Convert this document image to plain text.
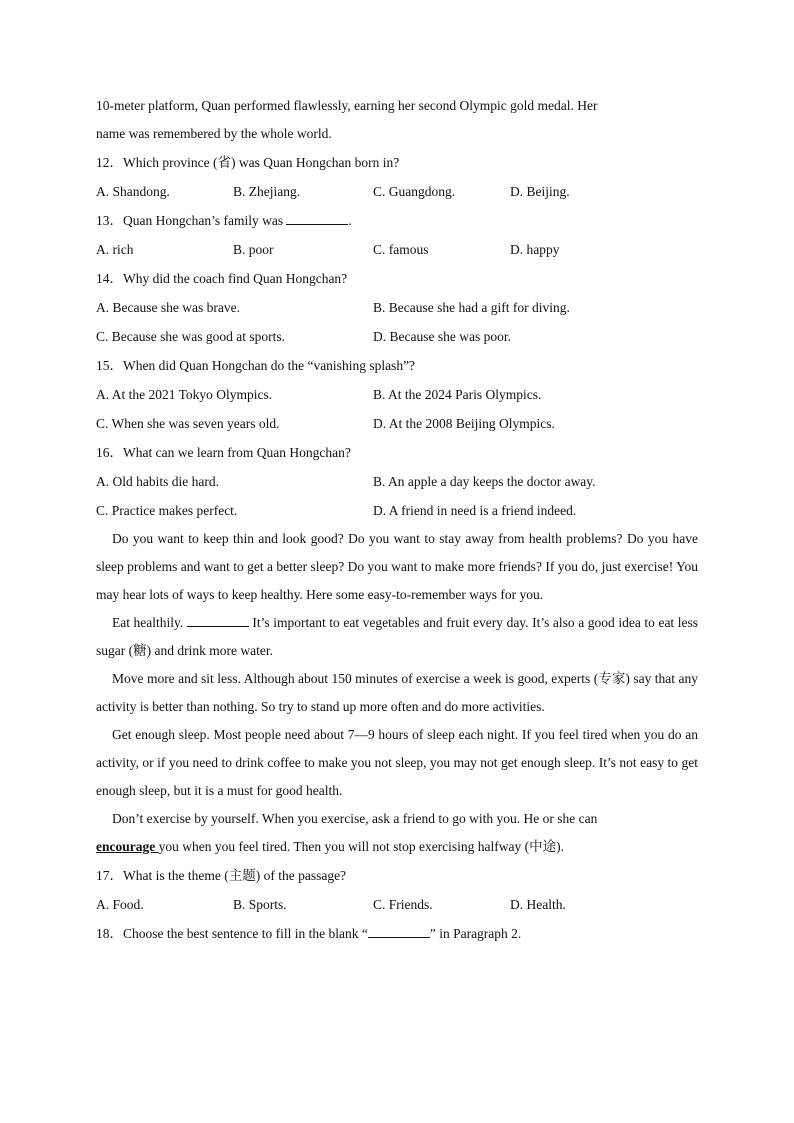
10-meter platform, Quan performed flawlessly, earning her second Olympic gold medal. Her
name was remembered by the whole world.
12．Which province (省) was Quan Hongchan born in?
A. Shandong.	B. Zhejiang.	C. Guangdong.	D. Beijing.
13．Quan Hongchan’s family was	.
A. rich	B. poor	C. famous	D. happy
14．Why did the coach find Quan Hongchan?
A. Because she was brave.	B. Because she had a gift for diving.
C. Because she was good at sports.	D. Because she was poor.
15．When did Quan Hongchan do the “vanishing splash”?
A. At the 2021 Tokyo Olympics.	B. At the 2024 Paris Olympics.
C. When she was seven years old.	D. At the 2008 Beijing Olympics.
16．What can we learn from Quan Hongchan?
A. Old habits die hard.	B. An apple a day keeps the doctor away.
C. Practice makes perfect.	D. A friend in need is a friend indeed.
Do you want to keep thin and look good? Do you want to stay away from health problems? Do you have sleep problems and want to get a better sleep? Do you want to make more friends? If you do, just exercise! You may hear lots of ways to keep healthy. Here some easy-to-remember ways for you.
Eat healthily.	It’s important to eat vegetables and fruit every day. It’s also a good idea to eat less sugar (糖) and drink more water.
Move more and sit less. Although about 150 minutes of exercise a week is good, experts (专家) say that any activity is better than nothing. So try to stand up more often and do more activities.
Get enough sleep. Most people need about 7—9 hours of sleep each night. If you feel tired when you do an activity, or if you need to drink coffee to make you not sleep, you may not get enough sleep. It’s not easy to get enough sleep, but it is a must for good health.
Don’t exercise by yourself. When you exercise, ask a friend to go with you. He or she can
encourage you when you feel tired. Then you will not stop exercising halfway (中途).
17．What is the theme (主题) of the passage?
A. Food.	B. Sports.	C. Friends.	D. Health.
18．Choose the best sentence to fill in the blank “	” in Paragraph 2.
